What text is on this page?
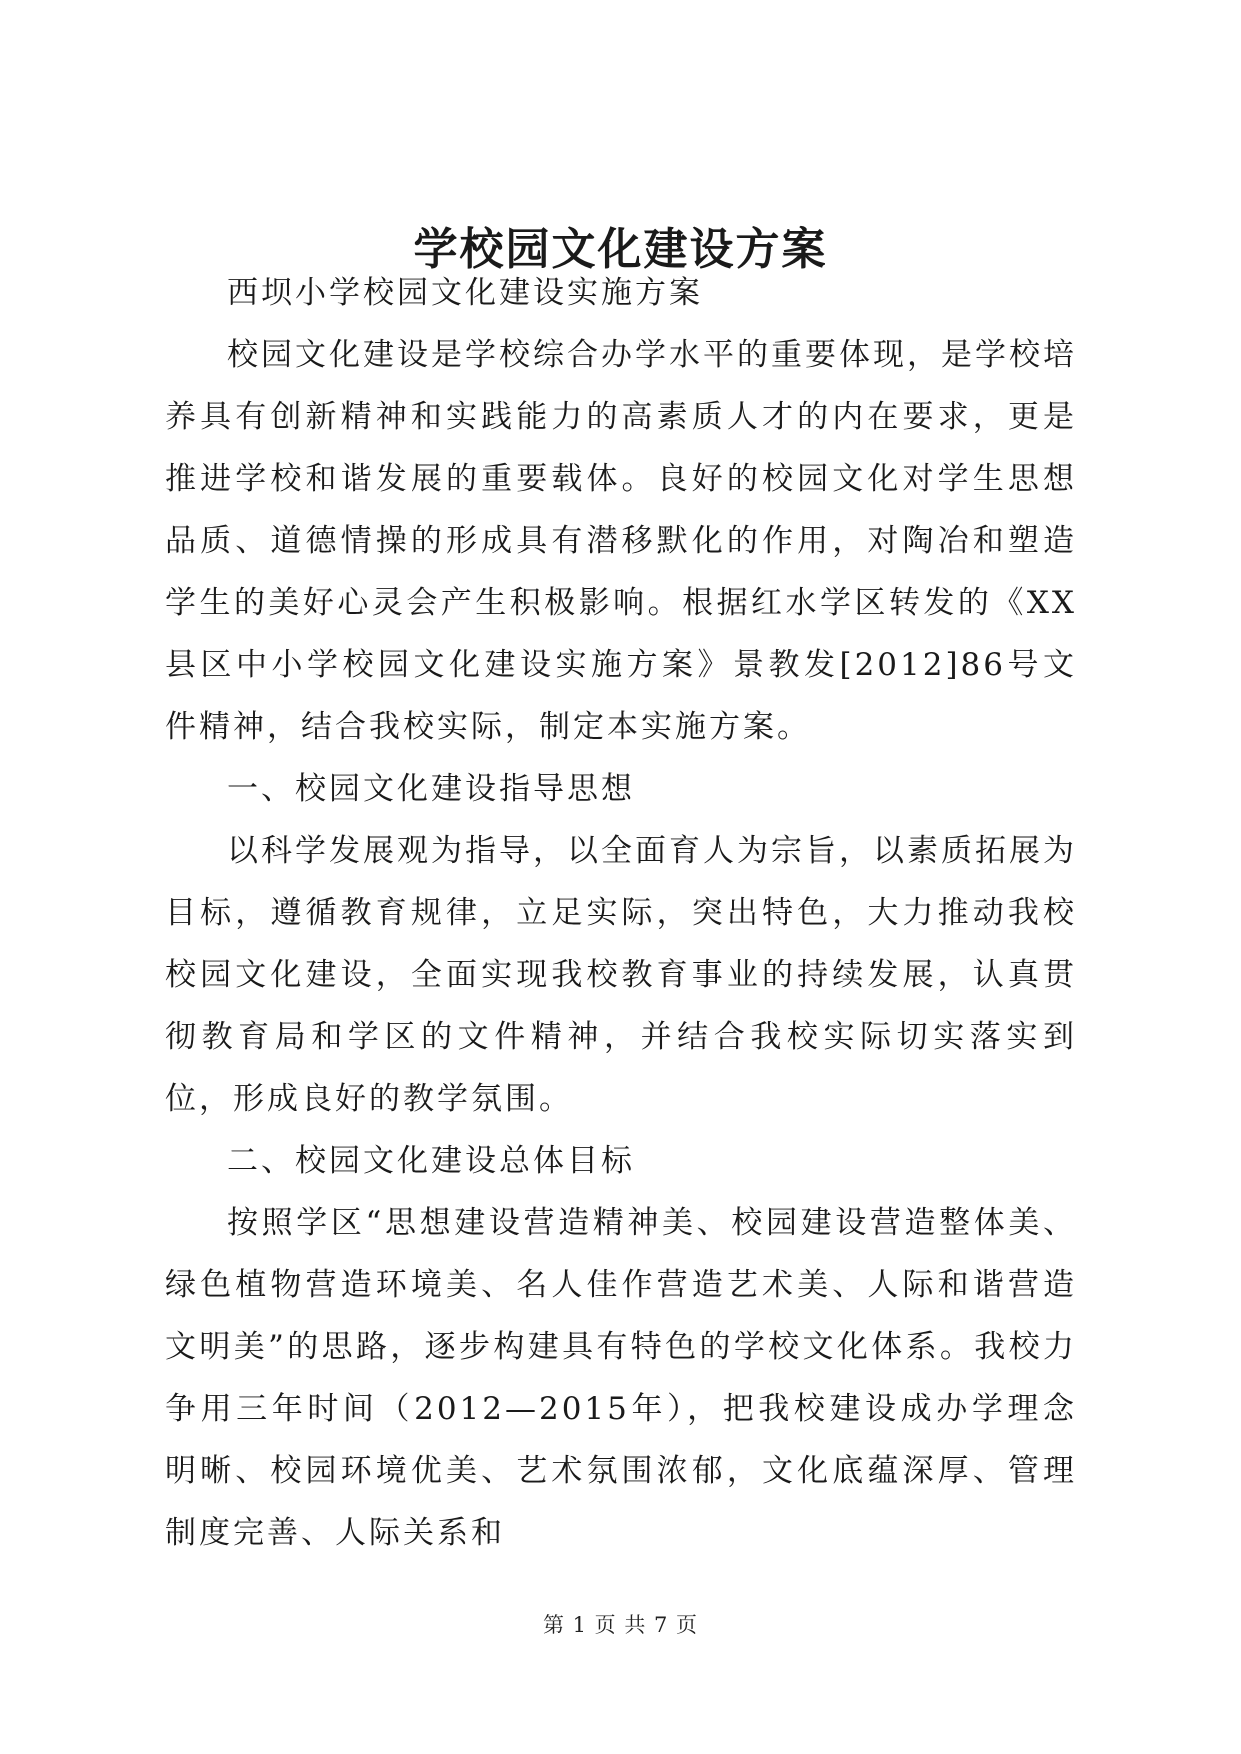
学校园文化建设方案

西坝小学校园文化建设实施方案

校园文化建设是学校综合办学水平的重要体现，是学校培养具有创新精神和实践能力的高素质人才的内在要求，更是推进学校和谐发展的重要载体。良好的校园文化对学生思想品质、道德情操的形成具有潜移默化的作用，对陶冶和塑造学生的美好心灵会产生积极影响。根据红水学区转发的《XX县区中小学校园文化建设实施方案》景教发[2012]86号文件精神，结合我校实际，制定本实施方案。

一、校园文化建设指导思想

以科学发展观为指导，以全面育人为宗旨，以素质拓展为目标，遵循教育规律，立足实际，突出特色，大力推动我校校园文化建设，全面实现我校教育事业的持续发展，认真贯彻教育局和学区的文件精神，并结合我校实际切实落实到位，形成良好的教学氛围。

二、校园文化建设总体目标

按照学区“思想建设营造精神美、校园建设营造整体美、绿色植物营造环境美、名人佳作营造艺术美、人际和谐营造文明美”的思路，逐步构建具有特色的学校文化体系。我校力争用三年时间（2012—2015年），把我校建设成办学理念明晰、校园环境优美、艺术氛围浓郁，文化底蕴深厚、管理制度完善、人际关系和

第 1 页 共 7 页
